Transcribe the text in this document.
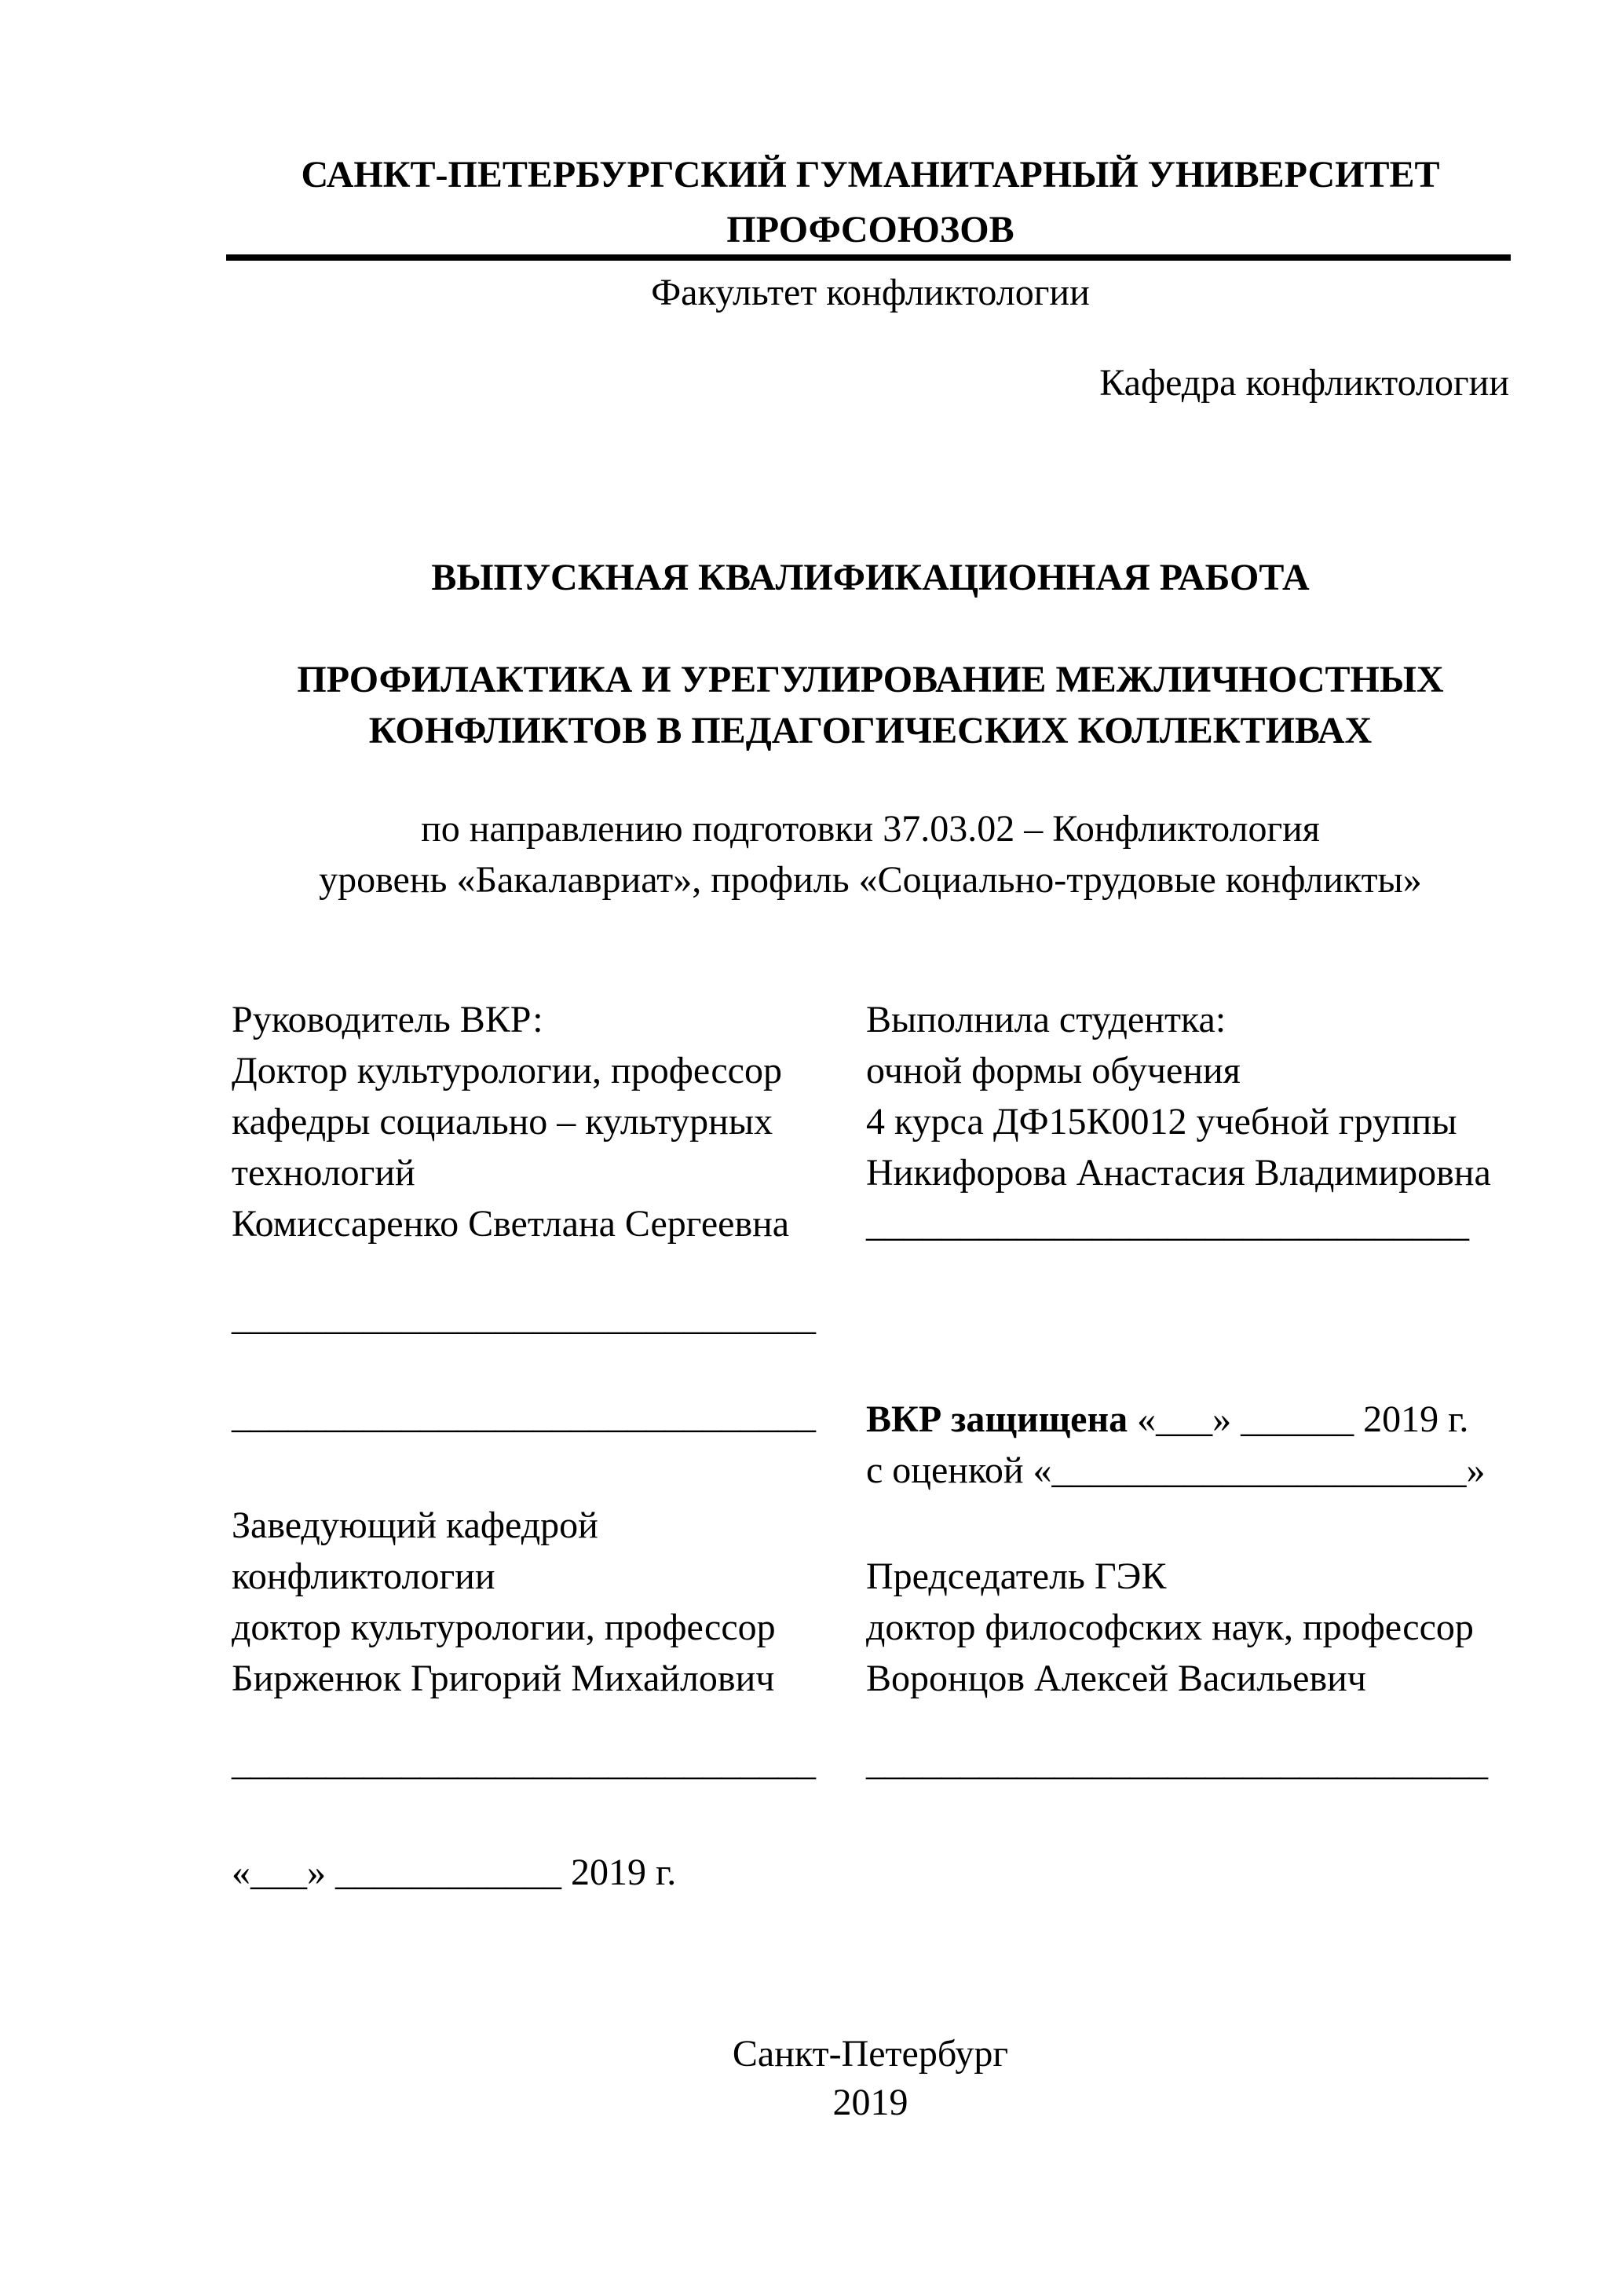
САНКТ-ПЕТЕРБУРГСКИЙ ГУМАНИТАРНЫЙ УНИВЕРСИТЕТ
ПРОФСОЮЗОВ
Факультет конфликтологии
Кафедра конфликтологии
ВЫПУСКНАЯ КВАЛИФИКАЦИОННАЯ РАБОТА
ПРОФИЛАКТИКА И УРЕГУЛИРОВАНИЕ МЕЖЛИЧНОСТНЫХ
КОНФЛИКТОВ В ПЕДАГОГИЧЕСКИХ КОЛЛЕКТИВАХ
по направлению подготовки 37.03.02 – Конфликтология
уровень «Бакалавриат», профиль «Социально-трудовые конфликты»
Руководитель ВКР:
Доктор культурологии, профессор
кафедры социально – культурных
технологий
Комиссаренко Светлана Сергеевна
_______________________________
_______________________________
Заведующий кафедрой
конфликтологии
доктор культурологии, профессор
Бирженюк Григорий Михайлович
_______________________________
«___» ____________ 2019 г.
Выполнила студентка:
очной формы обучения
4 курса ДФ15К0012 учебной группы
Никифорова Анастасия Владимировна
________________________________
ВКР защищена «___» ______ 2019 г.
с оценкой «______________________»
Председатель ГЭК
доктор философских наук, профессор
Воронцов Алексей Васильевич
_________________________________
Санкт-Петербург
2019
